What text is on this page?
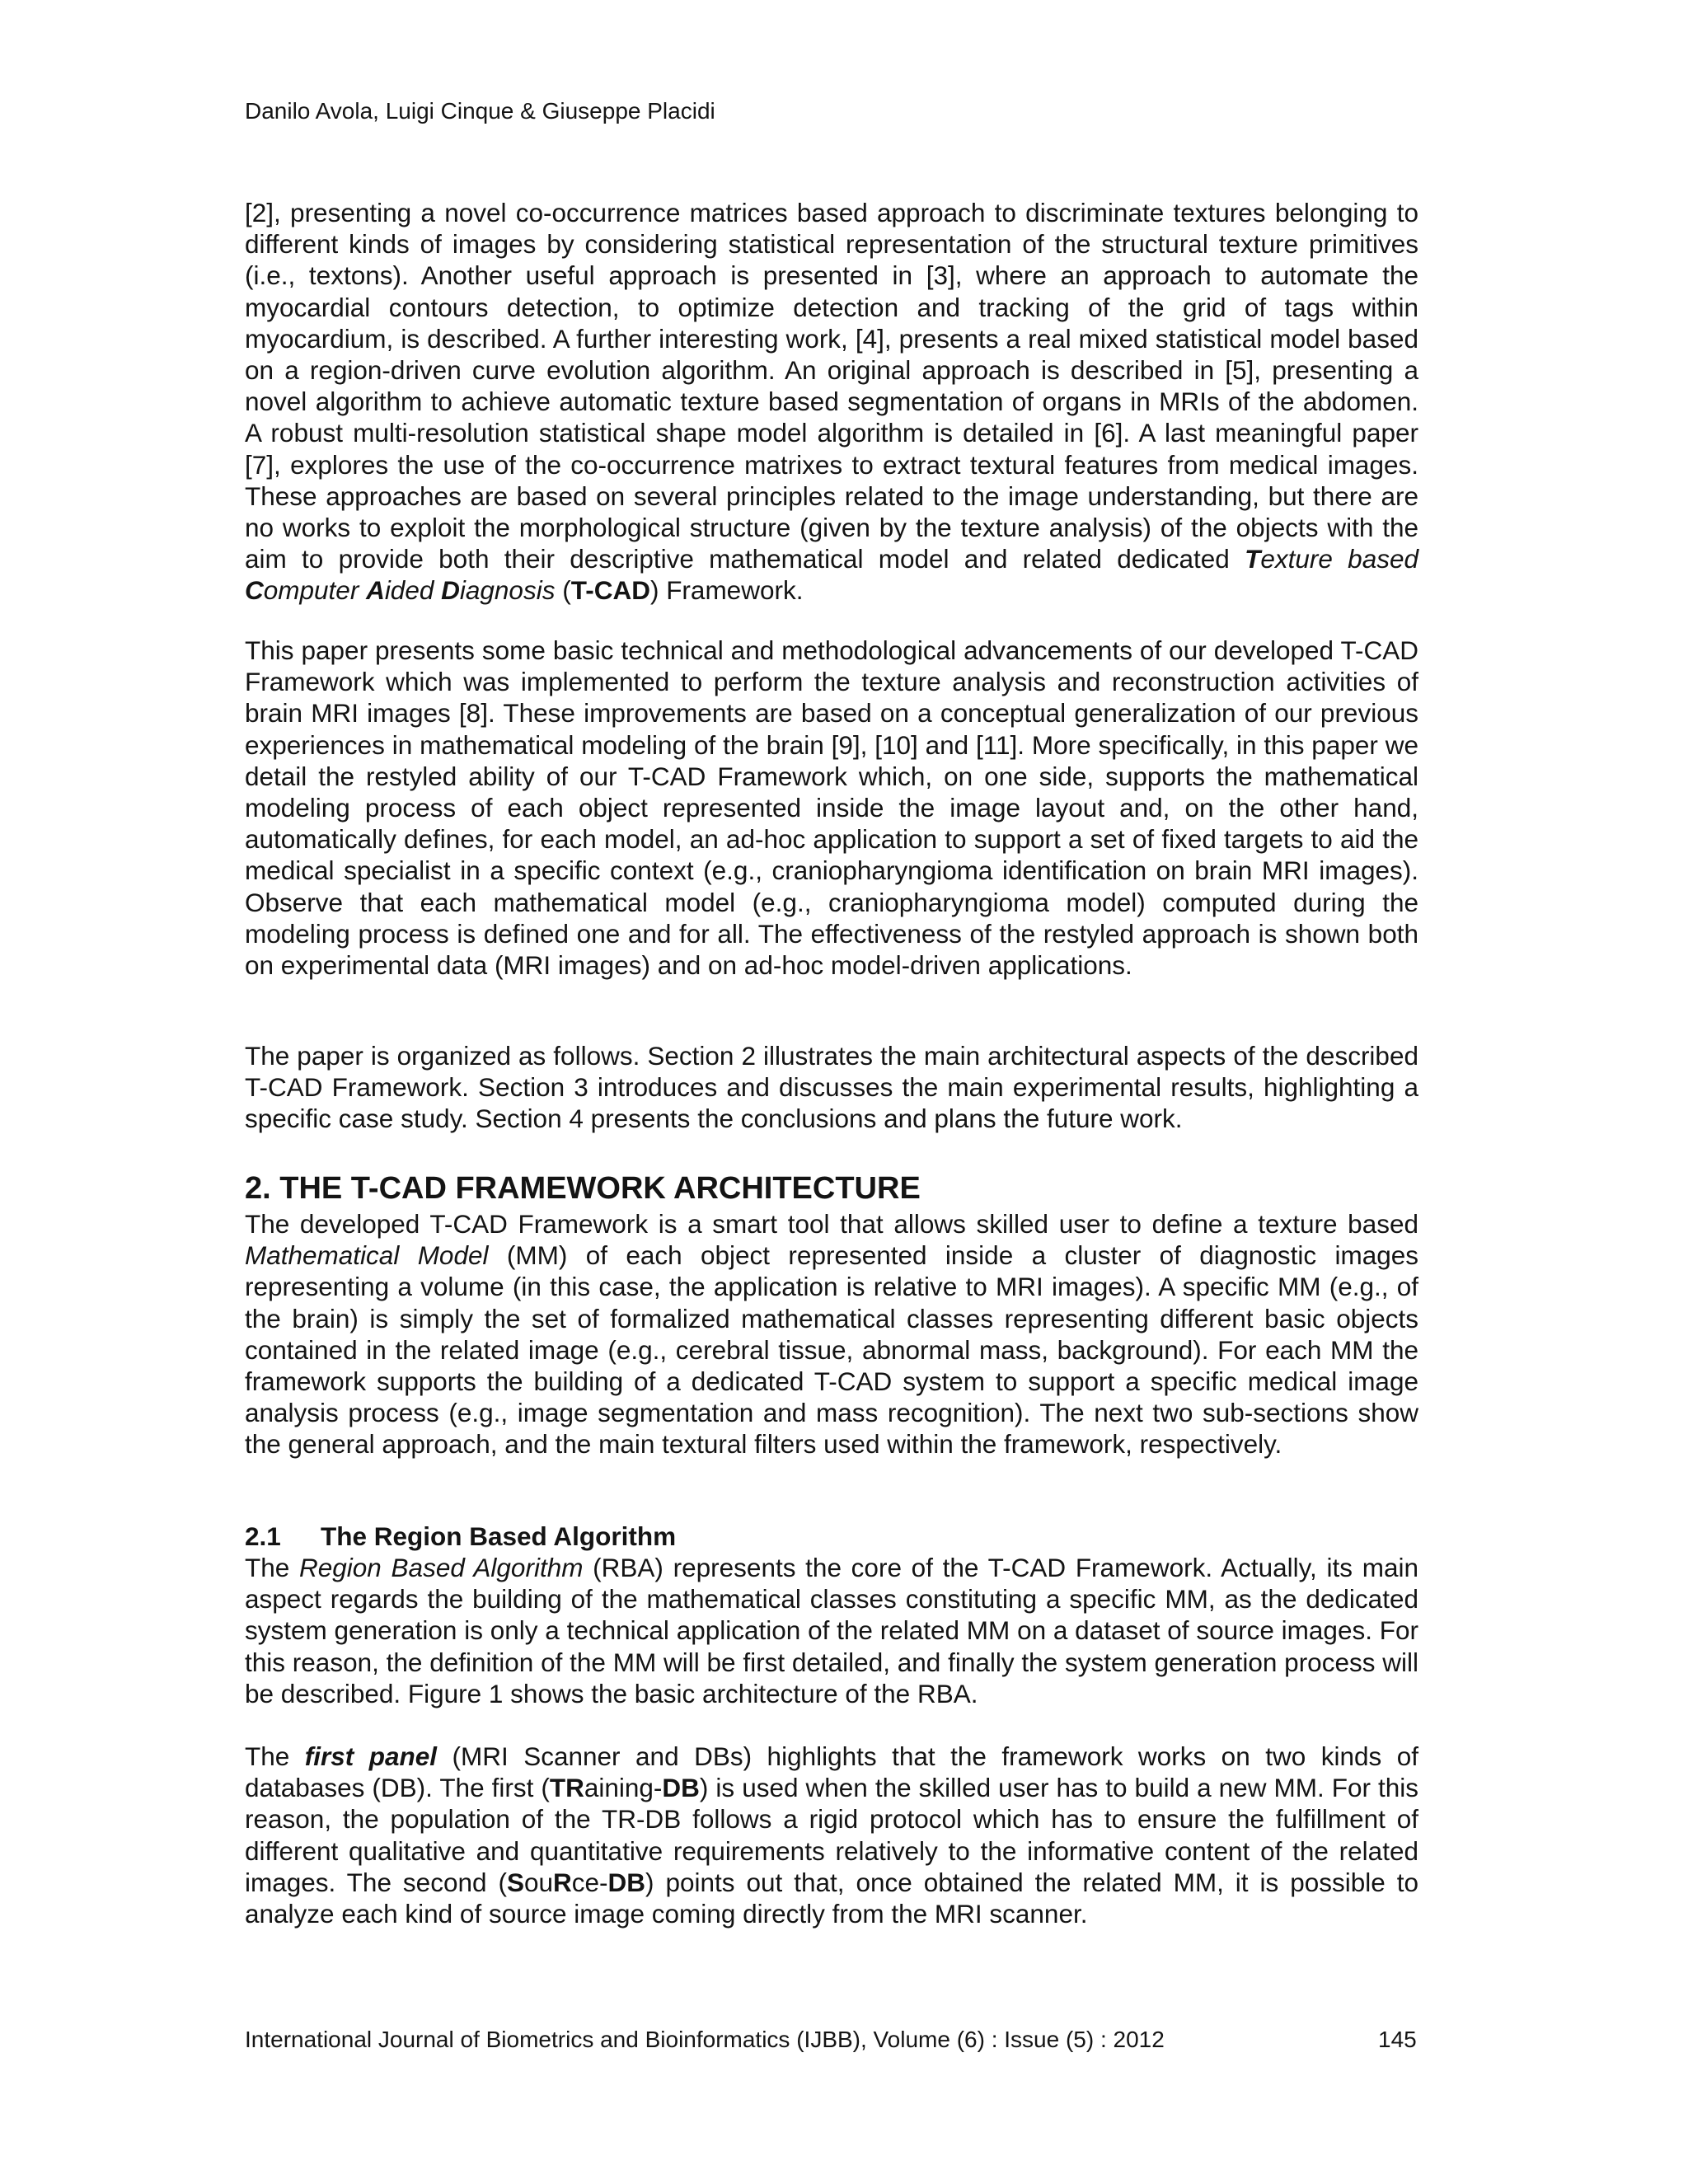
Danilo Avola, Luigi Cinque & Giuseppe Placidi

[2], presenting a novel co-occurrence matrices based approach to discriminate textures belonging to different kinds of images by considering statistical representation of the structural texture primitives (i.e., textons). Another useful approach is presented in [3], where an approach to automate the myocardial contours detection, to optimize detection and tracking of the grid of tags within myocardium, is described. A further interesting work, [4], presents a real mixed statistical model based on a region-driven curve evolution algorithm. An original approach is described in [5], presenting a novel algorithm to achieve automatic texture based segmentation of organs in MRIs of the abdomen. A robust multi-resolution statistical shape model algorithm is detailed in [6]. A last meaningful paper [7], explores the use of the co-occurrence matrixes to extract textural features from medical images. These approaches are based on several principles related to the image understanding, but there are no works to exploit the morphological structure (given by the texture analysis) of the objects with the aim to provide both their descriptive mathematical model and related dedicated Texture based Computer Aided Diagnosis (T-CAD) Framework.

This paper presents some basic technical and methodological advancements of our developed T-CAD Framework which was implemented to perform the texture analysis and reconstruction activities of brain MRI images [8]. These improvements are based on a conceptual generalization of our previous experiences in mathematical modeling of the brain [9], [10] and [11]. More specifically, in this paper we detail the restyled ability of our T-CAD Framework which, on one side, supports the mathematical modeling process of each object represented inside the image layout and, on the other hand, automatically defines, for each model, an ad-hoc application to support a set of fixed targets to aid the medical specialist in a specific context (e.g., craniopharyngioma identification on brain MRI images). Observe that each mathematical model (e.g., craniopharyngioma model) computed during the modeling process is defined one and for all. The effectiveness of the restyled approach is shown both on experimental data (MRI images) and on ad-hoc model-driven applications.

The paper is organized as follows. Section 2 illustrates the main architectural aspects of the described T-CAD Framework. Section 3 introduces and discusses the main experimental results, highlighting a specific case study. Section 4 presents the conclusions and plans the future work.

2. THE T-CAD FRAMEWORK ARCHITECTURE

The developed T-CAD Framework is a smart tool that allows skilled user to define a texture based Mathematical Model (MM) of each object represented inside a cluster of diagnostic images representing a volume (in this case, the application is relative to MRI images). A specific MM (e.g., of the brain) is simply the set of formalized mathematical classes representing different basic objects contained in the related image (e.g., cerebral tissue, abnormal mass, background). For each MM the framework supports the building of a dedicated T-CAD system to support a specific medical image analysis process (e.g., image segmentation and mass recognition). The next two sub-sections show the general approach, and the main textural filters used within the framework, respectively.

2.1 The Region Based Algorithm

The Region Based Algorithm (RBA) represents the core of the T-CAD Framework. Actually, its main aspect regards the building of the mathematical classes constituting a specific MM, as the dedicated system generation is only a technical application of the related MM on a dataset of source images. For this reason, the definition of the MM will be first detailed, and finally the system generation process will be described. Figure 1 shows the basic architecture of the RBA.

The first panel (MRI Scanner and DBs) highlights that the framework works on two kinds of databases (DB). The first (TRaining-DB) is used when the skilled user has to build a new MM. For this reason, the population of the TR-DB follows a rigid protocol which has to ensure the fulfillment of different qualitative and quantitative requirements relatively to the informative content of the related images. The second (SouRce-DB) points out that, once obtained the related MM, it is possible to analyze each kind of source image coming directly from the MRI scanner.

International Journal of Biometrics and Bioinformatics (IJBB), Volume (6) : Issue (5) : 2012	145
